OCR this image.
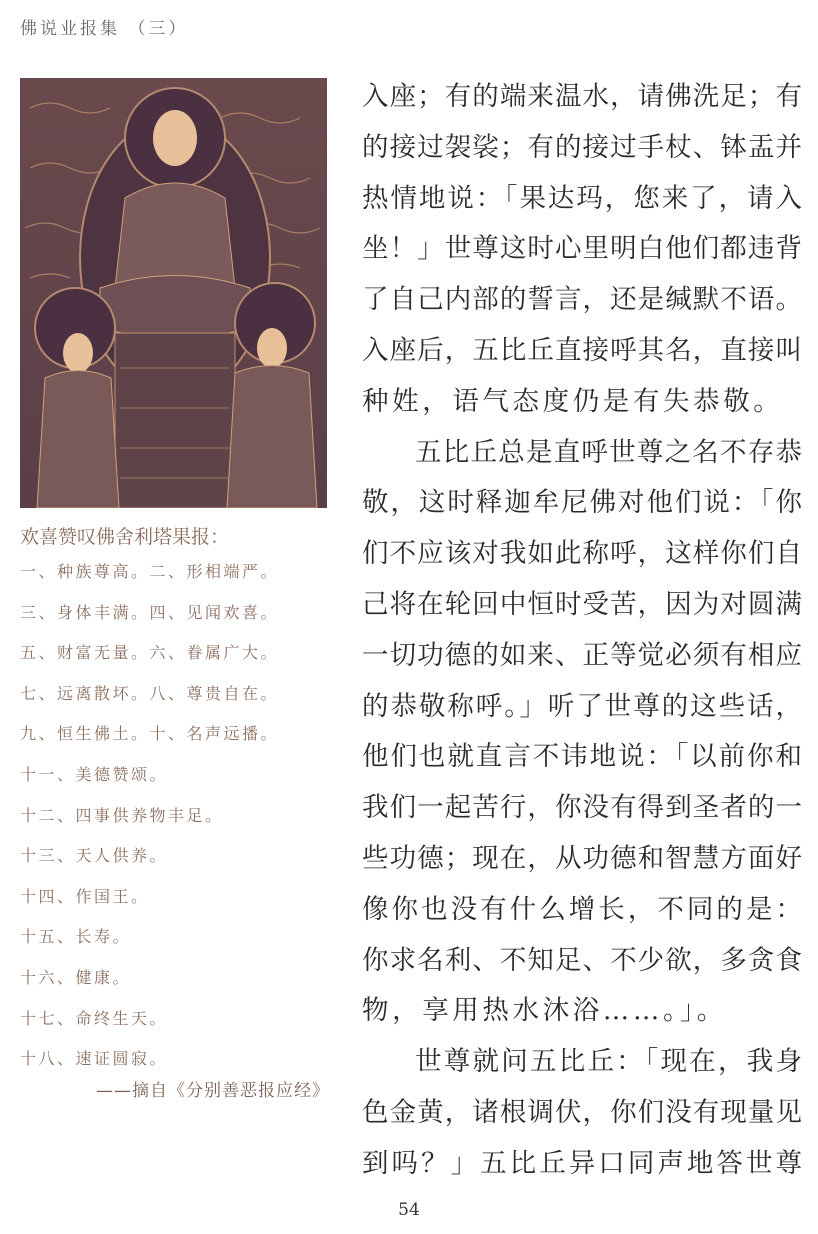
佛说业报集 （三）
欢喜赞叹佛舍利塔果报：
一、种族尊高。二、形相端严。
三、身体丰满。四、见闻欢喜。
五、财富无量。六、眷属广大。
七、远离散坏。八、尊贵自在。
九、恒生佛土。十、名声远播。
十一、美德赞颂。
十二、四事供养物丰足。
十三、天人供养。
十四、作国王。
十五、长寿。
十六、健康。
十七、命终生天。
十八、速证圆寂。
——摘自《分别善恶报应经》
入座；有的端来温水，请佛洗足；有
的接过袈裟；有的接过手杖、钵盂并
热情地说：「果达玛，您来了，请入
坐！」世尊这时心里明白他们都违背
了自己内部的誓言，还是缄默不语。
入座后，五比丘直接呼其名，直接叫
种姓，语气态度仍是有失恭敬。
五比丘总是直呼世尊之名不存恭
敬，这时释迦牟尼佛对他们说：「你
们不应该对我如此称呼，这样你们自
己将在轮回中恒时受苦，因为对圆满
一切功德的如来、正等觉必须有相应
的恭敬称呼。」听了世尊的这些话，
他们也就直言不讳地说：「以前你和
我们一起苦行，你没有得到圣者的一
些功德；现在，从功德和智慧方面好
像你也没有什么增长，不同的是：
你求名利、不知足、不少欲，多贪食
物，享用热水沐浴……。」。
世尊就问五比丘：「现在，我身
色金黄，诸根调伏，你们没有现量见
到吗？」五比丘异口同声地答世尊
54
